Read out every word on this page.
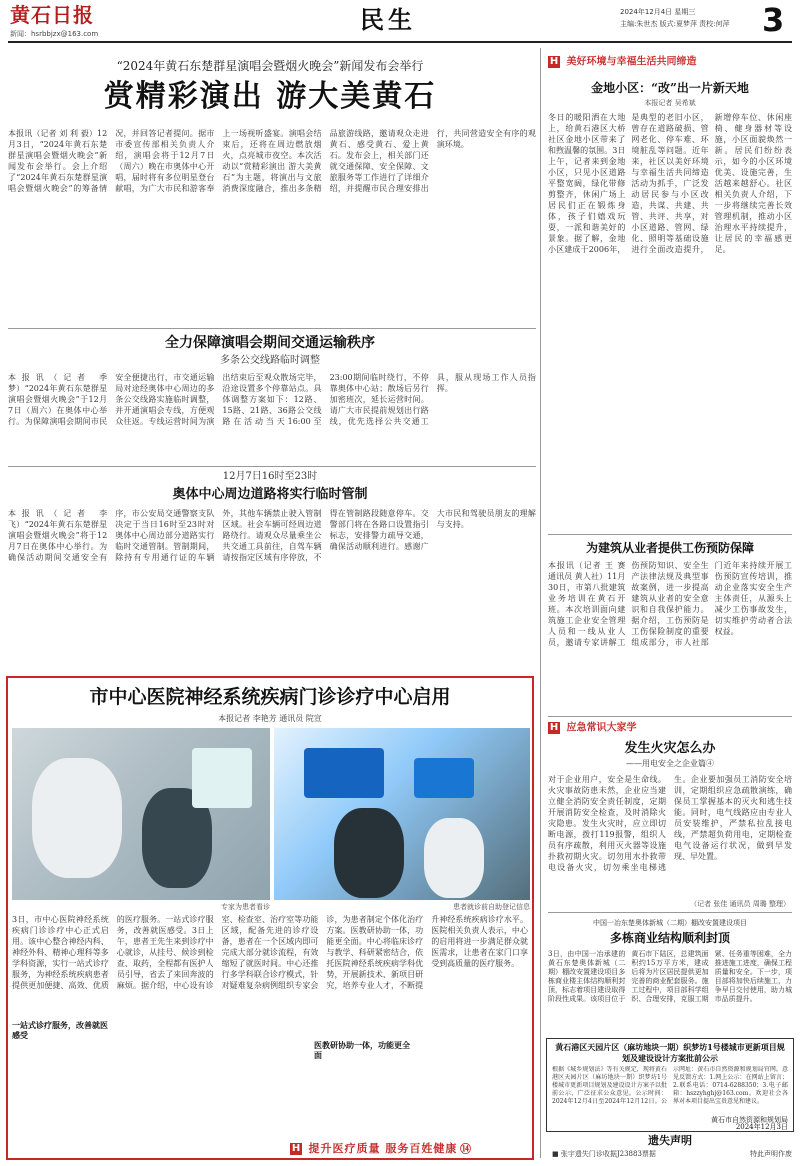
黄石日报
新闻：hsrbbjzx@163.com	民生	2024年12月4日 星期三
主编:朱世杰 版式:夏梦萍 责校:何萍	3
“2024年黄石东楚群星演唱会暨烟火晚会”新闻发布会举行
赏精彩演出 游大美黄石
本报讯（记者 刘 利 毅）12月3日，“2024年黄石东楚群星演唱会暨烟火晚会”新闻发布会举行。会上介绍了“2024年黄石东楚群星演唱会暨烟火晚会”的筹备情况，并回答记者提问。据市市委宣传部相关负责人介绍，演唱会将于12月7日（周六）晚在市奥体中心开唱，届时将有多位明星登台献唱，为广大市民和游客奉上一场视听盛宴。演唱会结束后，还将在周边燃放烟火，点亮城市夜空。本次活动以“赏精彩演出 游大美黄石”为主题，将演出与文旅消费深度融合，推出多条精品旅游线路，邀请观众走进黄石、感受黄石、爱上黄石。发布会上，相关部门还就交通保障、安全保障、文旅服务等工作进行了详细介绍，并提醒市民合理安排出行，共同营造安全有序的观演环境。
全力保障演唱会期间交通运输秩序
多条公交线路临时调整
本报讯（记者 季 梦）“2024年黄石东楚群星演唱会暨烟火晚会”于12月7日（周六）在奥体中心举行。为保障演唱会期间市民安全便捷出行，市交通运输局对途经奥体中心周边的多条公交线路实施临时调整，并开通演唱会专线，方便观众往返。专线运营时间为演出结束后至观众散场完毕，沿途设置多个停靠站点。具体调整方案如下：12路、15路、21路、36路公交线路在活动当天16:00至23:00期间临时绕行，不停靠奥体中心站；散场后另行加密班次，延长运营时间。请广大市民提前规划出行路线，优先选择公共交通工具，服从现场工作人员指挥。
12月7日16时至23时
奥体中心周边道路将实行临时管制
本报讯（记者 李 飞）“2024年黄石东楚群星演唱会暨烟火晚会”将于12月7日在奥体中心举行。为确保活动期间交通安全有序，市公安局交通警察支队决定于当日16时至23时对奥体中心周边部分道路实行临时交通管制。管制期间，除持有专用通行证的车辆外，其他车辆禁止驶入管制区域。社会车辆可经周边道路绕行。请观众尽量乘坐公共交通工具前往，自驾车辆请按指定区域有序停放，不得在管制路段随意停车。交警部门将在各路口设置指引标志，安排警力疏导交通，确保活动顺利进行。感谢广大市民和驾驶员朋友的理解与支持。
市中心医院神经系统疾病门诊诊疗中心启用
本报记者 李艳芳 通讯员 院宣
专家为患者看诊	患者就诊前自助登记信息
一站式诊疗服务，改善就医感受
医教研协助一体，功能更全面
3日，市中心医院神经系统疾病门诊诊疗中心正式启用。该中心整合神经内科、神经外科、精神心理科等多学科资源，实行一站式诊疗服务，为神经系统疾病患者提供更加便捷、高效、优质的医疗服务。一站式诊疗服务，改善就医感受。3日上午，患者王先生来到诊疗中心就诊，从挂号、候诊到检查、取药，全程都有医护人员引导，省去了来回奔波的麻烦。据介绍，中心设有诊室、检查室、治疗室等功能区域，配备先进的诊疗设备，患者在一个区域内即可完成大部分就诊流程，有效缩短了就医时间。中心还推行多学科联合诊疗模式，针对疑难复杂病例组织专家会诊，为患者制定个体化治疗方案。医教研协助一体，功能更全面。中心将临床诊疗与教学、科研紧密结合，依托医院神经系统疾病学科优势，开展新技术、新项目研究，培养专业人才，不断提升神经系统疾病诊疗水平。医院相关负责人表示，中心的启用将进一步满足群众就医需求，让患者在家门口享受到高质量的医疗服务。
H 提升医疗质量 服务百姓健康 ⑭
H 美好环境与幸福生活共同缔造
金地小区：“改”出一片新天地
本报记者 吴希斌
冬日的暖阳洒在大地上，给黄石港区大桥社区金地小区带来了和煦温馨的氛围。3日上午，记者来到金地小区，只见小区道路平整宽阔，绿化带修剪整齐，休闲广场上居民们正在锻炼身体，孩子们嬉戏玩耍，一派和谐美好的景象。据了解，金地小区建成于2006年，是典型的老旧小区，曾存在道路破损、管网老化、停车难、环境脏乱等问题。近年来，社区以美好环境与幸福生活共同缔造活动为抓手，广泛发动居民参与小区改造，共谋、共建、共管、共评、共享，对小区道路、管网、绿化、照明等基础设施进行全面改造提升，新增停车位、休闲座椅、健身器材等设施，小区面貌焕然一新。居民们纷纷表示，如今的小区环境优美、设施完善，生活越来越舒心。社区相关负责人介绍，下一步将继续完善长效管理机制，推动小区治理水平持续提升，让居民的幸福感更足。
为建筑从业者提供工伤预防保障
本报讯（记者 王 赛 通讯员 黄人社）11月30日，市第八批建筑业务培训在黄石开班。本次培训面向建筑施工企业安全管理人员和一线从业人员，邀请专家讲解工伤预防知识、安全生产法律法规及典型事故案例，进一步提高建筑从业者的安全意识和自我保护能力。据介绍，工伤预防是工伤保险制度的重要组成部分，市人社部门近年来持续开展工伤预防宣传培训，推动企业落实安全生产主体责任，从源头上减少工伤事故发生，切实维护劳动者合法权益。
H 应急常识大家学
发生火灾怎么办
——用电安全之企业篇④
对于企业用户，安全是生命线。火灾事故防患未然，企业应当建立健全消防安全责任制度，定期开展消防安全检查，及时消除火灾隐患。发生火灾时，应立即切断电源，拨打119报警，组织人员有序疏散，利用灭火器等设施扑救初期火灾。切勿用水扑救带电设备火灾，切勿乘坐电梯逃生。企业要加强员工消防安全培训，定期组织应急疏散演练，确保员工掌握基本的灭火和逃生技能。同时，电气线路应由专业人员安装维护，严禁私拉乱接电线，严禁超负荷用电，定期检查电气设备运行状况，做到早发现、早处置。
（记者 张佳 通讯员 周璐 整理）
中国一冶东楚奥体新城（二期）棚改安置建设项目
多栋商业结构顺利封顶
3日，由中国一冶承建的黄石东楚奥体新城（二期）棚改安置建设项目多栋商业楼主体结构顺利封顶，标志着项目建设取得阶段性成果。该项目位于黄石市下陆区，总建筑面积约15万平方米，建成后将为片区居民提供更加完善的商业配套服务。施工过程中，项目部科学组织、合理安排，克服工期紧、任务重等困难，全力推进施工进度，确保工程质量和安全。下一步，项目部将加快后续施工，力争早日交付使用，助力城市品质提升。
黄石港区天园片区（麻坊地块一期）织梦坊1号楼城市更新项目规划及建设设计方案批前公示
根据《城乡规划法》等有关规定，现将黄石港区天园片区（麻坊地块一期）织梦坊1号楼城市更新项目规划及建设设计方案予以批前公示，广泛征求公众意见。公示时间：2024年12月4日至2024年12月12日。公示网址：黄石市自然资源和规划局官网。意见反馈方式：1.网上公示：在网站上留言；2.联系电话：0714-6288350；3.电子邮箱：hszzyhghj@163.com。欢迎社会各界对本项目提出宝贵意见和建议。
黄石市自然资源和规划局
2024年12月3日
遗失声明
■ 张宇遗失门诊收据J23883票据	特此声明作废
